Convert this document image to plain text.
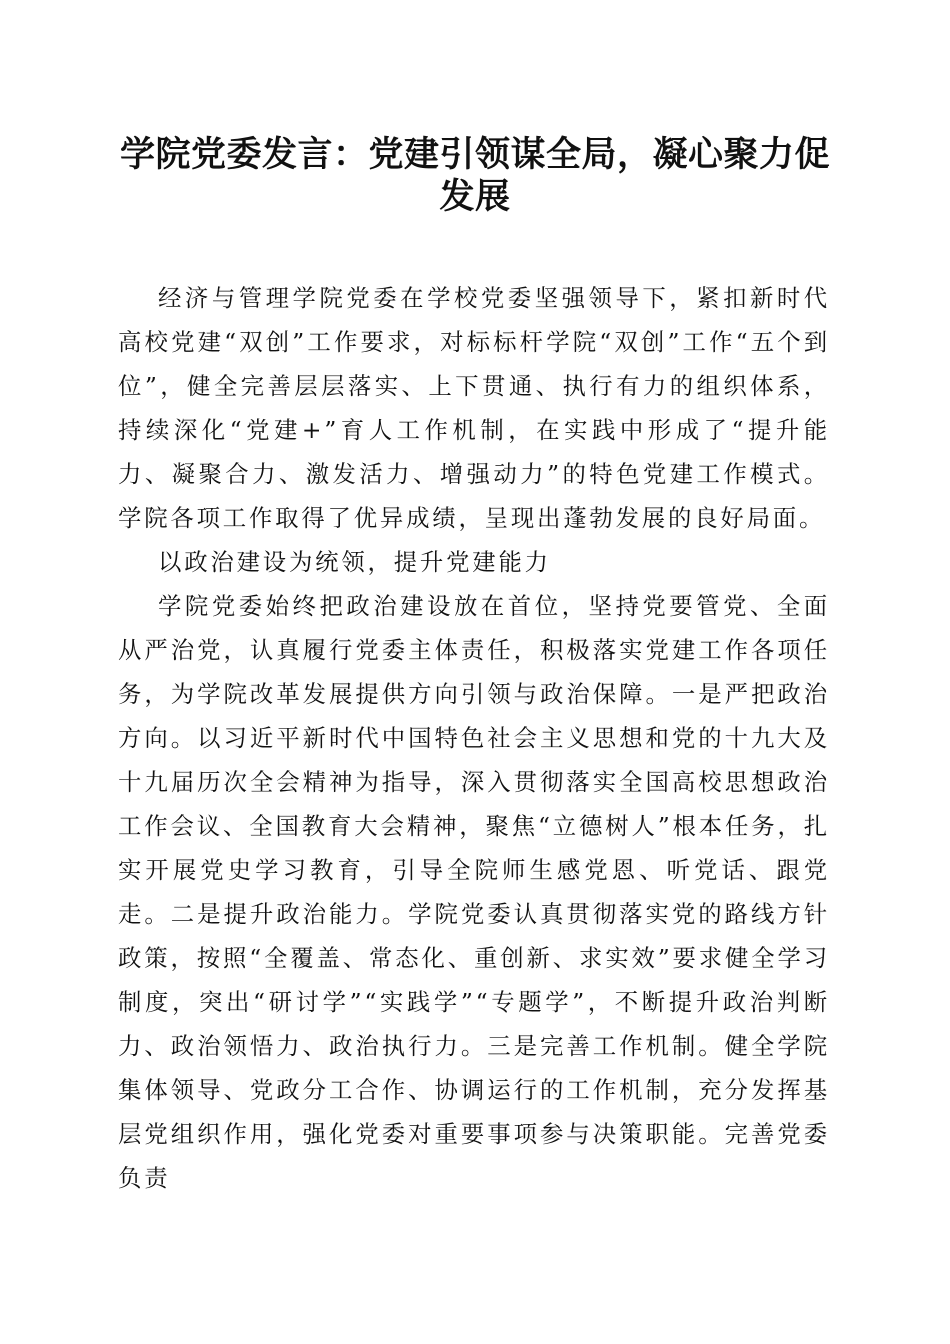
学院党委发言：党建引领谋全局，凝心聚力促发展

经济与管理学院党委在学校党委坚强领导下，紧扣新时代高校党建“双创”工作要求，对标标杆学院“双创”工作“五个到位”，健全完善层层落实、上下贯通、执行有力的组织体系，持续深化“党建+”育人工作机制，在实践中形成了“提升能力、凝聚合力、激发活力、增强动力”的特色党建工作模式。学院各项工作取得了优异成绩，呈现出蓬勃发展的良好局面。

以政治建设为统领，提升党建能力

学院党委始终把政治建设放在首位，坚持党要管党、全面从严治党，认真履行党委主体责任，积极落实党建工作各项任务，为学院改革发展提供方向引领与政治保障。一是严把政治方向。以习近平新时代中国特色社会主义思想和党的十九大及十九届历次全会精神为指导，深入贯彻落实全国高校思想政治工作会议、全国教育大会精神，聚焦“立德树人”根本任务，扎实开展党史学习教育，引导全院师生感党恩、听党话、跟党走。二是提升政治能力。学院党委认真贯彻落实党的路线方针政策，按照“全覆盖、常态化、重创新、求实效”要求健全学习制度，突出“研讨学”“实践学”“专题学”，不断提升政治判断力、政治领悟力、政治执行力。三是完善工作机制。健全学院集体领导、党政分工合作、协调运行的工作机制，充分发挥基层党组织作用，强化党委对重要事项参与决策职能。完善党委负责
